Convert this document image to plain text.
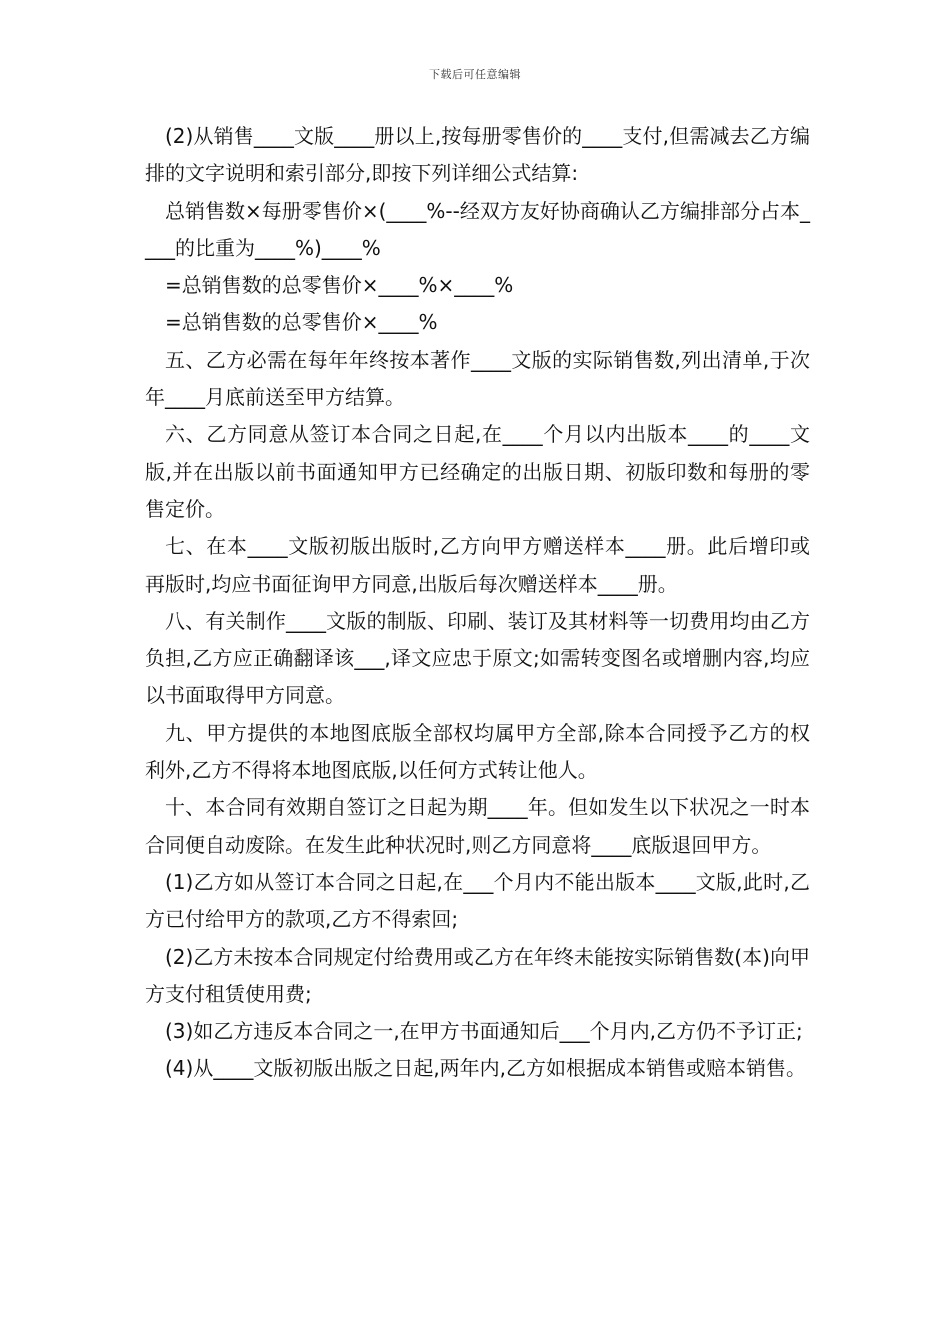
下载后可任意编辑

(2)从销售____文版____册以上,按每册零售价的____支付,但需减去乙方编排的文字说明和索引部分,即按下列详细公式结算:

总销售数×每册零售价×(____%--经双方友好协商确认乙方编排部分占本____的比重为____%)____%

=总销售数的总零售价×____%×____%

=总销售数的总零售价×____%

五、乙方必需在每年年终按本著作____文版的实际销售数,列出清单,于次年____月底前送至甲方结算。

六、乙方同意从签订本合同之日起,在____个月以内出版本____的____文版,并在出版以前书面通知甲方已经确定的出版日期、初版印数和每册的零售定价。

七、在本____文版初版出版时,乙方向甲方赠送样本____册。此后增印或再版时,均应书面征询甲方同意,出版后每次赠送样本____册。

八、有关制作____文版的制版、印刷、装订及其材料等一切费用均由乙方负担,乙方应正确翻译该___,译文应忠于原文;如需转变图名或增删内容,均应以书面取得甲方同意。

九、甲方提供的本地图底版全部权均属甲方全部,除本合同授予乙方的权利外,乙方不得将本地图底版,以任何方式转让他人。

十、本合同有效期自签订之日起为期____年。但如发生以下状况之一时本合同便自动废除。在发生此种状况时,则乙方同意将____底版退回甲方。

(1)乙方如从签订本合同之日起,在___个月内不能出版本____文版,此时,乙方已付给甲方的款项,乙方不得索回;

(2)乙方未按本合同规定付给费用或乙方在年终未能按实际销售数(本)向甲方支付租赁使用费;

(3)如乙方违反本合同之一,在甲方书面通知后___个月内,乙方仍不予订正;

(4)从____文版初版出版之日起,两年内,乙方如根据成本销售或赔本销售。
